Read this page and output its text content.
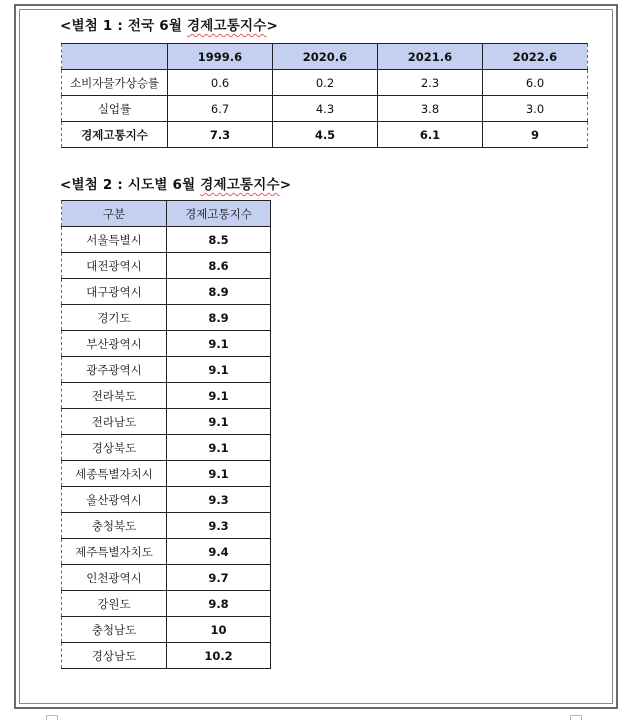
<별첨 1 : 전국 6월 경제고통지수>
	1999.6	2020.6	2021.6	2022.6
소비자물가상승률	0.6	0.2	2.3	6.0
실업률	6.7	4.3	3.8	3.0
경제고통지수	7.3	4.5	6.1	9
<별첨 2 : 시도별 6월 경제고통지수>
구분	경제고통지수
서울특별시	8.5
대전광역시	8.6
대구광역시	8.9
경기도	8.9
부산광역시	9.1
광주광역시	9.1
전라북도	9.1
전라남도	9.1
경상북도	9.1
세종특별자치시	9.1
울산광역시	9.3
충청북도	9.3
제주특별자치도	9.4
인천광역시	9.7
강원도	9.8
충청남도	10
경상남도	10.2
